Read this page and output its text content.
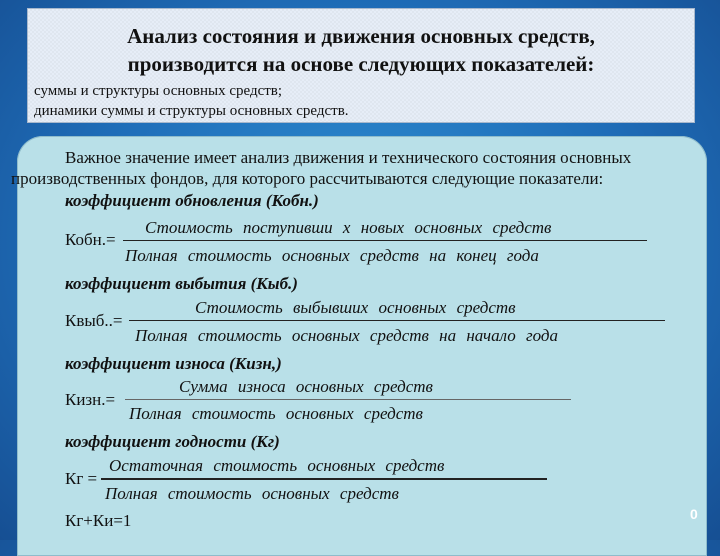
Анализ состояния и движения основных средств,
производится на основе следующих показателей:
суммы и структуры основных средств;
динамики суммы и структуры основных средств.
Важное значение имеет анализ движения и технического состояния основных
производственных фондов, для которого рассчитываются следующие показатели:
коэффициент обновления (Кобн.)
Стоимость поступивши х новых основных средств
Кобн.=
Полная стоимость основных средств на конец года
коэффициент выбытия (Кыб.)
Стоимость выбывших основных средств
Квыб..=
Полная стоимость основных средств на начало года
коэффициент износа (Кизн,)
Сумма износа основных средств
Кизн.=
Полная стоимость основных средств
коэффициент годности (Кг)
Остаточная стоимость основных средств
Кг =
Полная стоимость основных средств
Кг+Ки=1	0
